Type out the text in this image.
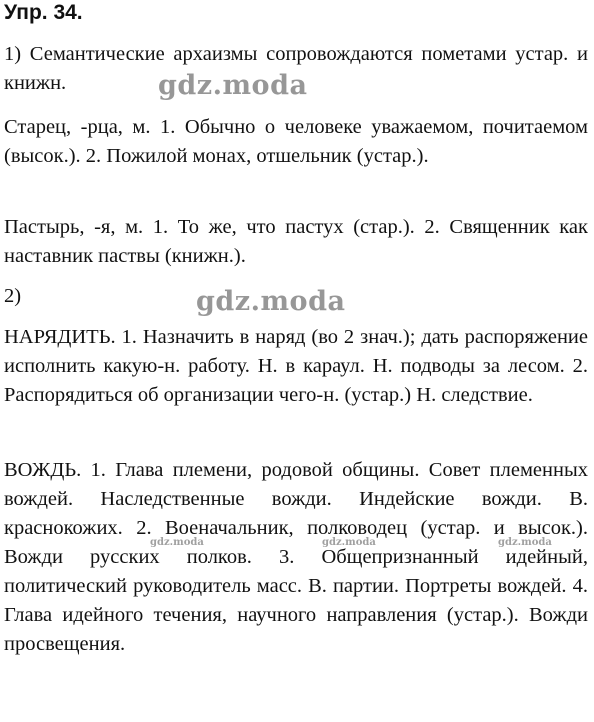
Упр. 34.

1) Семантические архаизмы сопровождаются пометами устар. и книжн.

Старец, -рца, м. 1. Обычно о человеке уважаемом, почитаемом (высок.). 2. Пожилой монах, отшельник (устар.).

Пастырь, -я, м. 1. То же, что пастух (стар.). 2. Священник как наставник паствы (книжн.).

2)

НАРЯДИТЬ. 1. Назначить в наряд (во 2 знач.); дать распоряжение исполнить какую-н. работу. Н. в караул. Н. подводы за лесом. 2. Распорядиться об организации чего-н. (устар.) Н. следствие.

ВОЖДЬ. 1. Глава племени, родовой общины. Совет племенных вождей. Наследственные вожди. Индейские вожди. В. краснокожих. 2. Военачальник, полководец (устар. и высок.). Вожди русских полков. 3. Общепризнанный идейный, политический руководитель масс. В. партии. Портреты вождей. 4. Глава идейного течения, научного направления (устар.). Вожди просвещения.

gdz.moda
gdz.moda
gdz.moda	gdz.moda	gdz.moda
